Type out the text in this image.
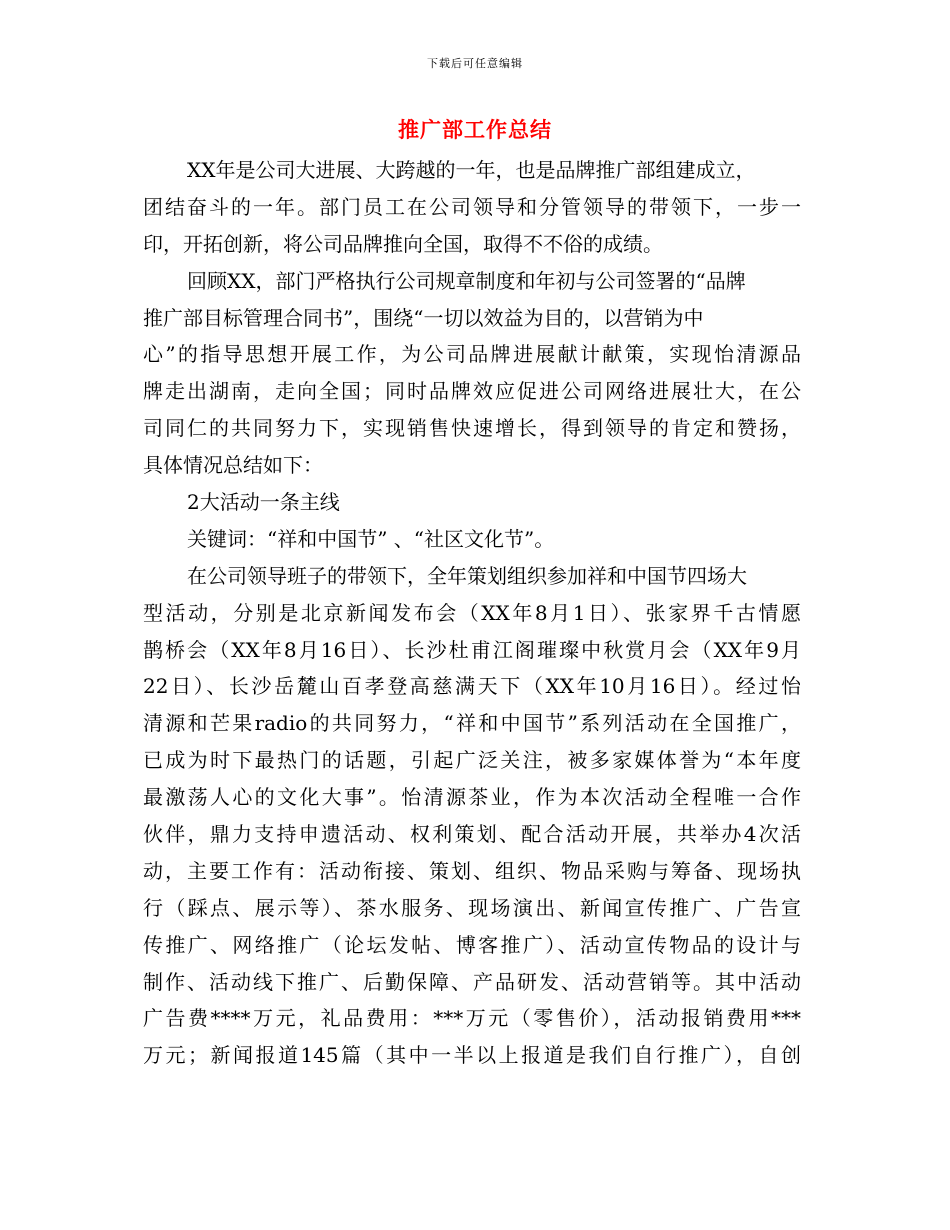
下载后可任意编辑
推广部工作总结
XX年是公司大进展、大跨越的一年，也是品牌推广部组建成立，
团结奋斗的一年。部门员工在公司领导和分管领导的带领下，一步一
印，开拓创新，将公司品牌推向全国，取得不不俗的成绩。
回顾XX，部门严格执行公司规章制度和年初与公司签署的“品牌
推广部目标管理合同书”，围绕“一切以效益为目的，以营销为中
心”的指导思想开展工作，为公司品牌进展献计献策，实现怡清源品
牌走出湖南，走向全国；同时品牌效应促进公司网络进展壮大，在公
司同仁的共同努力下，实现销售快速增长，得到领导的肯定和赞扬，
具体情况总结如下：
2大活动一条主线
关键词：“祥和中国节” 、“社区文化节”。
在公司领导班子的带领下，全年策划组织参加祥和中国节四场大
型活动，分别是北京新闻发布会（XX年8月1日）、张家界千古情愿
鹊桥会（XX年8月16日）、长沙杜甫江阁璀璨中秋赏月会（XX年9月
22日）、长沙岳麓山百孝登高慈满天下（XX年10月16日）。经过怡
清源和芒果radio的共同努力，“祥和中国节”系列活动在全国推广，
已成为时下最热门的话题，引起广泛关注，被多家媒体誉为“本年度
最激荡人心的文化大事”。怡清源茶业，作为本次活动全程唯一合作
伙伴，鼎力支持申遗活动、权利策划、配合活动开展，共举办4次活
动，主要工作有：活动衔接、策划、组织、物品采购与筹备、现场执
行（踩点、展示等）、茶水服务、现场演出、新闻宣传推广、广告宣
传推广、网络推广（论坛发帖、博客推广）、活动宣传物品的设计与
制作、活动线下推广、后勤保障、产品研发、活动营销等。其中活动
广告费****万元，礼品费用：***万元（零售价），活动报销费用***
万元；新闻报道145篇（其中一半以上报道是我们自行推广），自创
